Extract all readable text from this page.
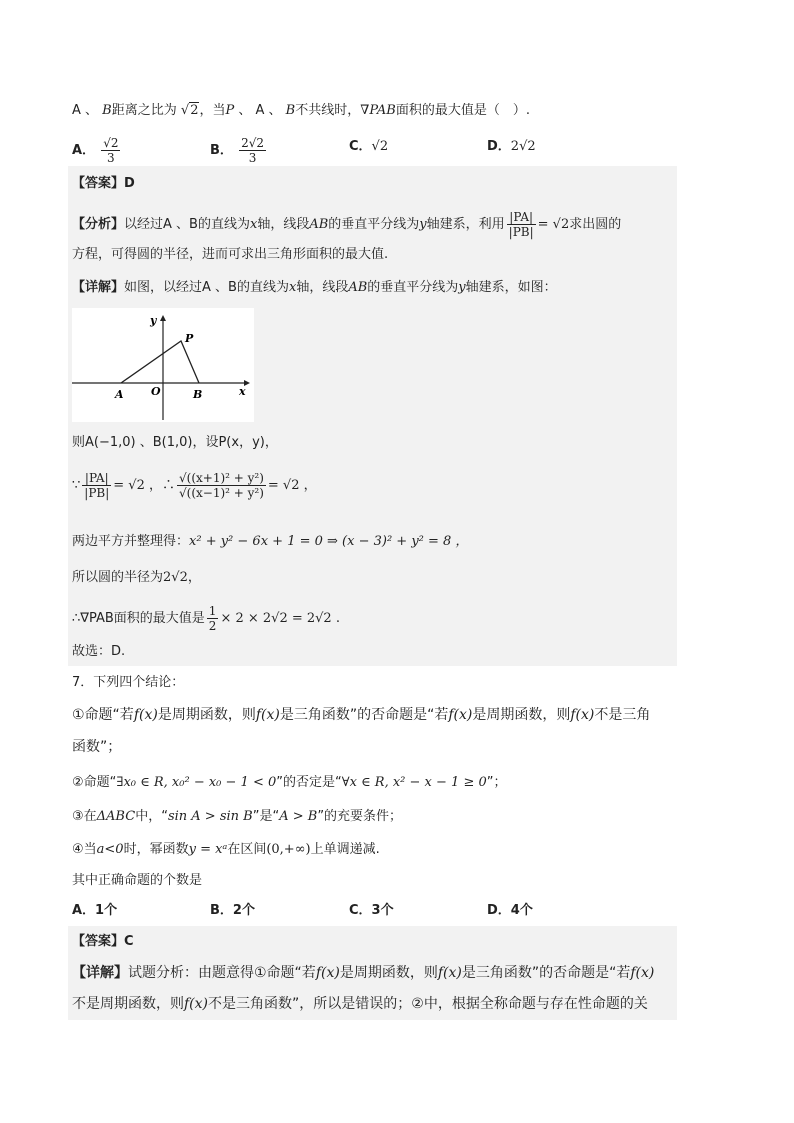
A 、 B距离之比为 √2，当P 、 A 、 B不共线时，∇PAB面积的最大值是（　）.
A． $\frac{√2}{3}$	B． $\frac{2√2}{3}$	C．√2	D．2√2
【答案】D
【分析】以经过A 、B的直线为x轴，线段AB的垂直平分线为y轴建系，利用 $\frac{|PA|}{|PB|} = √2$求出圆的
方程，可得圆的半径，进而可求出三角形面积的最大值.
【详解】如图，以经过A 、B的直线为x轴，线段AB的垂直平分线为y轴建系，如图：
y
x
P
A O	B
则A(−1,0) 、B(1,0)，设P(x，y)，
∵ $\frac{|PA|}{|PB|} = √2$ ，∴ $\frac{\text{√((x+1)² + y²)}}{\text{√((x−1)² + y²)}} = √2$ ，
两边平方并整理得：x² + y² − 6x + 1 = 0 ⇒ (x − 3)² + y² = 8 ，
所以圆的半径为2√2，
∴∇PAB面积的最大值是 $\frac{1}{2} \times 2 \times 2√2 = 2√2$ .
故选：D.
7．下列四个结论：
①命题“若f(x)是周期函数，则f(x)是三角函数”的否命题是“若f(x)是周期函数，则f(x)不是三角
函数”；
②命题“∃x₀ ∈ R, x₀² − x₀ − 1 < 0”的否定是“∀x ∈ R, x² − x − 1 ≥ 0”；
③在ΔABC中，“sin A > sin B”是“A > B”的充要条件；
④当a<0时，幂函数y = xᵃ在区间(0,+∞)上单调递减.
其中正确命题的个数是
A．1个	B．2个	C．3个	D．4个
【答案】C
【详解】试题分析：由题意得①命题“若f(x)是周期函数，则f(x)是三角函数”的否命题是“若f(x)
不是周期函数，则f(x)不是三角函数”，所以是错误的；②中，根据全称命题与存在性命题的关
